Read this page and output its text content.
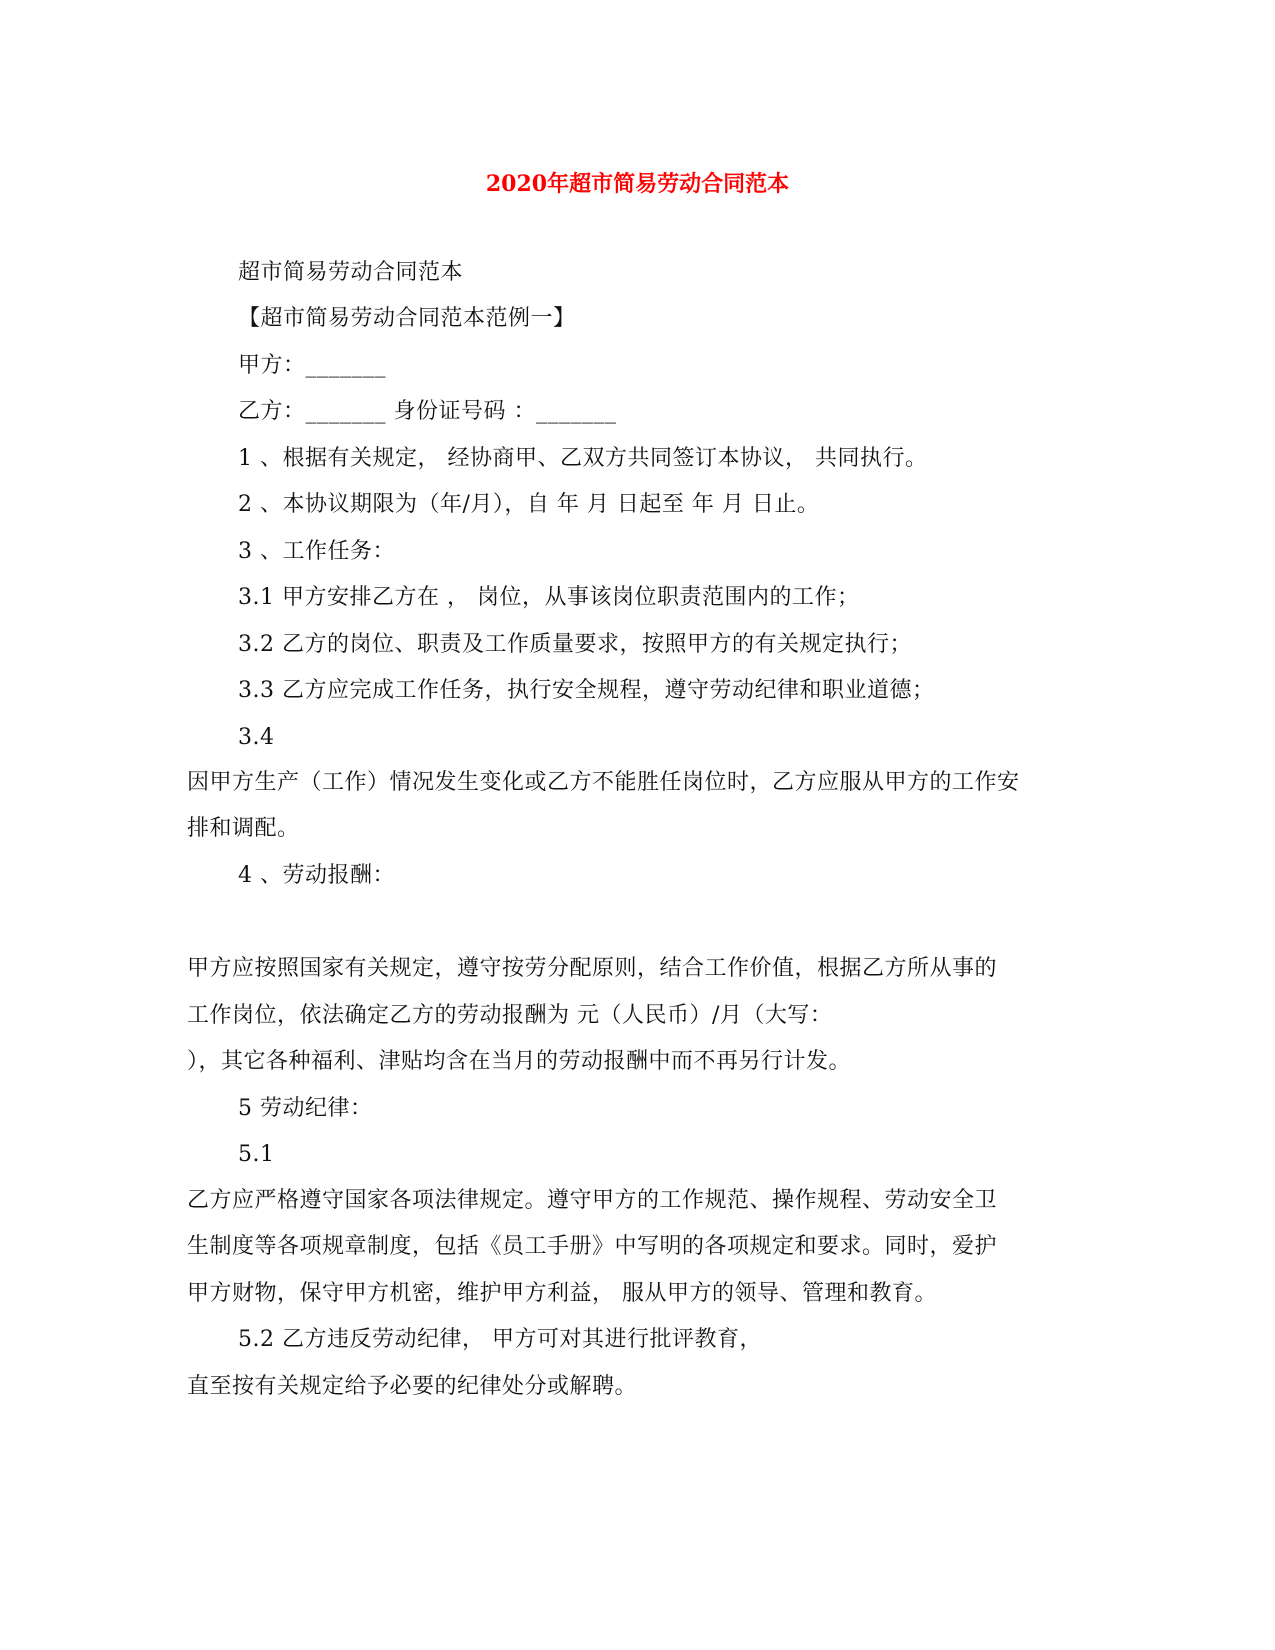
2020年超市简易劳动合同范本
超市简易劳动合同范本
【超市简易劳动合同范本范例一】
甲方：_______
乙方：_______ 身份证号码 ：_______
1 、根据有关规定， 经协商甲、乙双方共同签订本协议， 共同执行。
2 、本协议期限为（年/月），自 年 月 日起至 年 月 日止。
3 、工作任务：
3.1 甲方安排乙方在 ， 岗位，从事该岗位职责范围内的工作；
3.2 乙方的岗位、职责及工作质量要求，按照甲方的有关规定执行；
3.3 乙方应完成工作任务，执行安全规程，遵守劳动纪律和职业道德；
3.4
因甲方生产（工作）情况发生变化或乙方不能胜任岗位时，乙方应服从甲方的工作安
排和调配。
4 、劳动报酬：
甲方应按照国家有关规定，遵守按劳分配原则，结合工作价值，根据乙方所从事的
工作岗位，依法确定乙方的劳动报酬为 元（人民币）/月（大写：
），其它各种福利、津贴均含在当月的劳动报酬中而不再另行计发。
5 劳动纪律：
5.1
乙方应严格遵守国家各项法律规定。遵守甲方的工作规范、操作规程、劳动安全卫
生制度等各项规章制度，包括《员工手册》中写明的各项规定和要求。同时，爱护
甲方财物，保守甲方机密，维护甲方利益， 服从甲方的领导、管理和教育。
5.2 乙方违反劳动纪律， 甲方可对其进行批评教育，
直至按有关规定给予必要的纪律处分或解聘。
